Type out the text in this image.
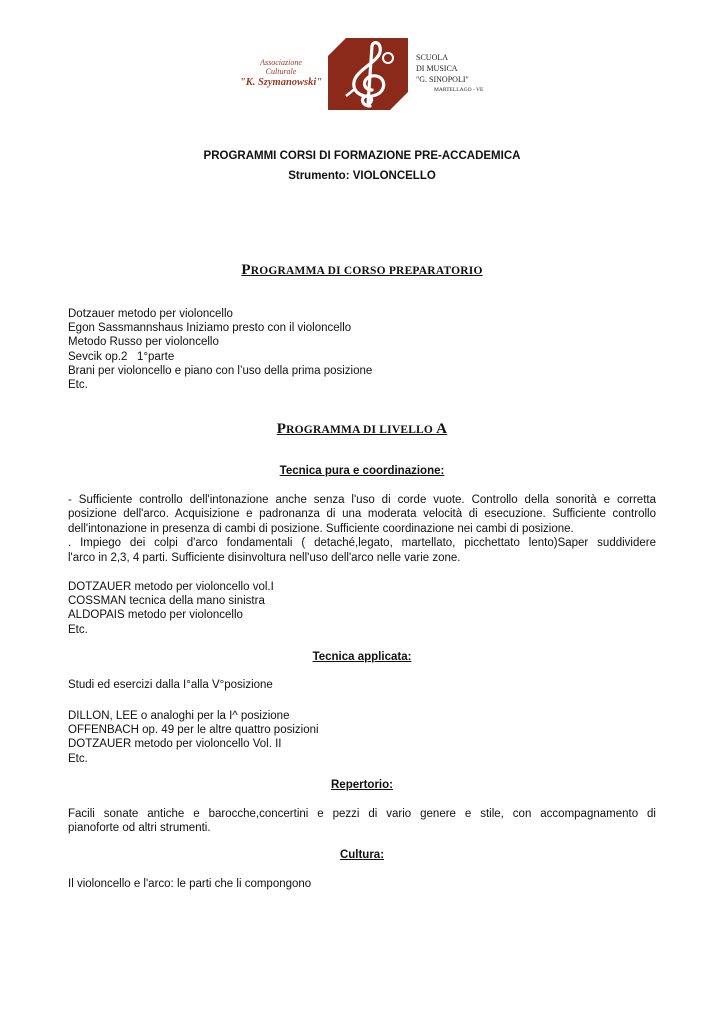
Associazione
Culturale
"K. Szymanowski"
SCUOLA
DI MUSICA
"G. SINOPOLI"
MARTELLAGO - VE
PROGRAMMI CORSI DI FORMAZIONE PRE-ACCADEMICA
Strumento: VIOLONCELLO
PROGRAMMA DI CORSO PREPARATORIO
Dotzauer metodo per violoncello
Egon Sassmannshaus Iniziamo presto con il violoncello
Metodo Russo per violoncello
Sevcik op.2   1°parte
Brani per violoncello e piano con l’uso della prima posizione
Etc.
PROGRAMMA DI LIVELLO A
Tecnica pura e coordinazione:
- Sufficiente controllo dell'intonazione anche senza l'uso di corde vuote. Controllo della sonorità e corretta
posizione dell'arco. Acquisizione e padronanza di una moderata velocità di esecuzione. Sufficiente controllo
dell'intonazione in presenza di cambi di posizione. Sufficiente coordinazione nei cambi di posizione.
. Impiego dei colpi d'arco fondamentali ( detaché,legato, martellato, picchettato lento)Saper suddividere
l'arco in 2,3, 4 parti. Sufficiente disinvoltura nell'uso dell'arco nelle varie zone.
DOTZAUER metodo per violoncello vol.I
COSSMAN tecnica della mano sinistra
ALDOPAIS metodo per violoncello
Etc.
Tecnica applicata:
Studi ed esercizi dalla I°alla V°posizione
DILLON, LEE o analoghi per la I^ posizione
OFFENBACH op. 49 per le altre quattro posizioni
DOTZAUER metodo per violoncello Vol. II
Etc.
Repertorio:
Facili sonate antiche e barocche,concertini e pezzi di vario genere e stile, con accompagnamento di
pianoforte od altri strumenti.
Cultura:
Il violoncello e l'arco: le parti che li compongono
